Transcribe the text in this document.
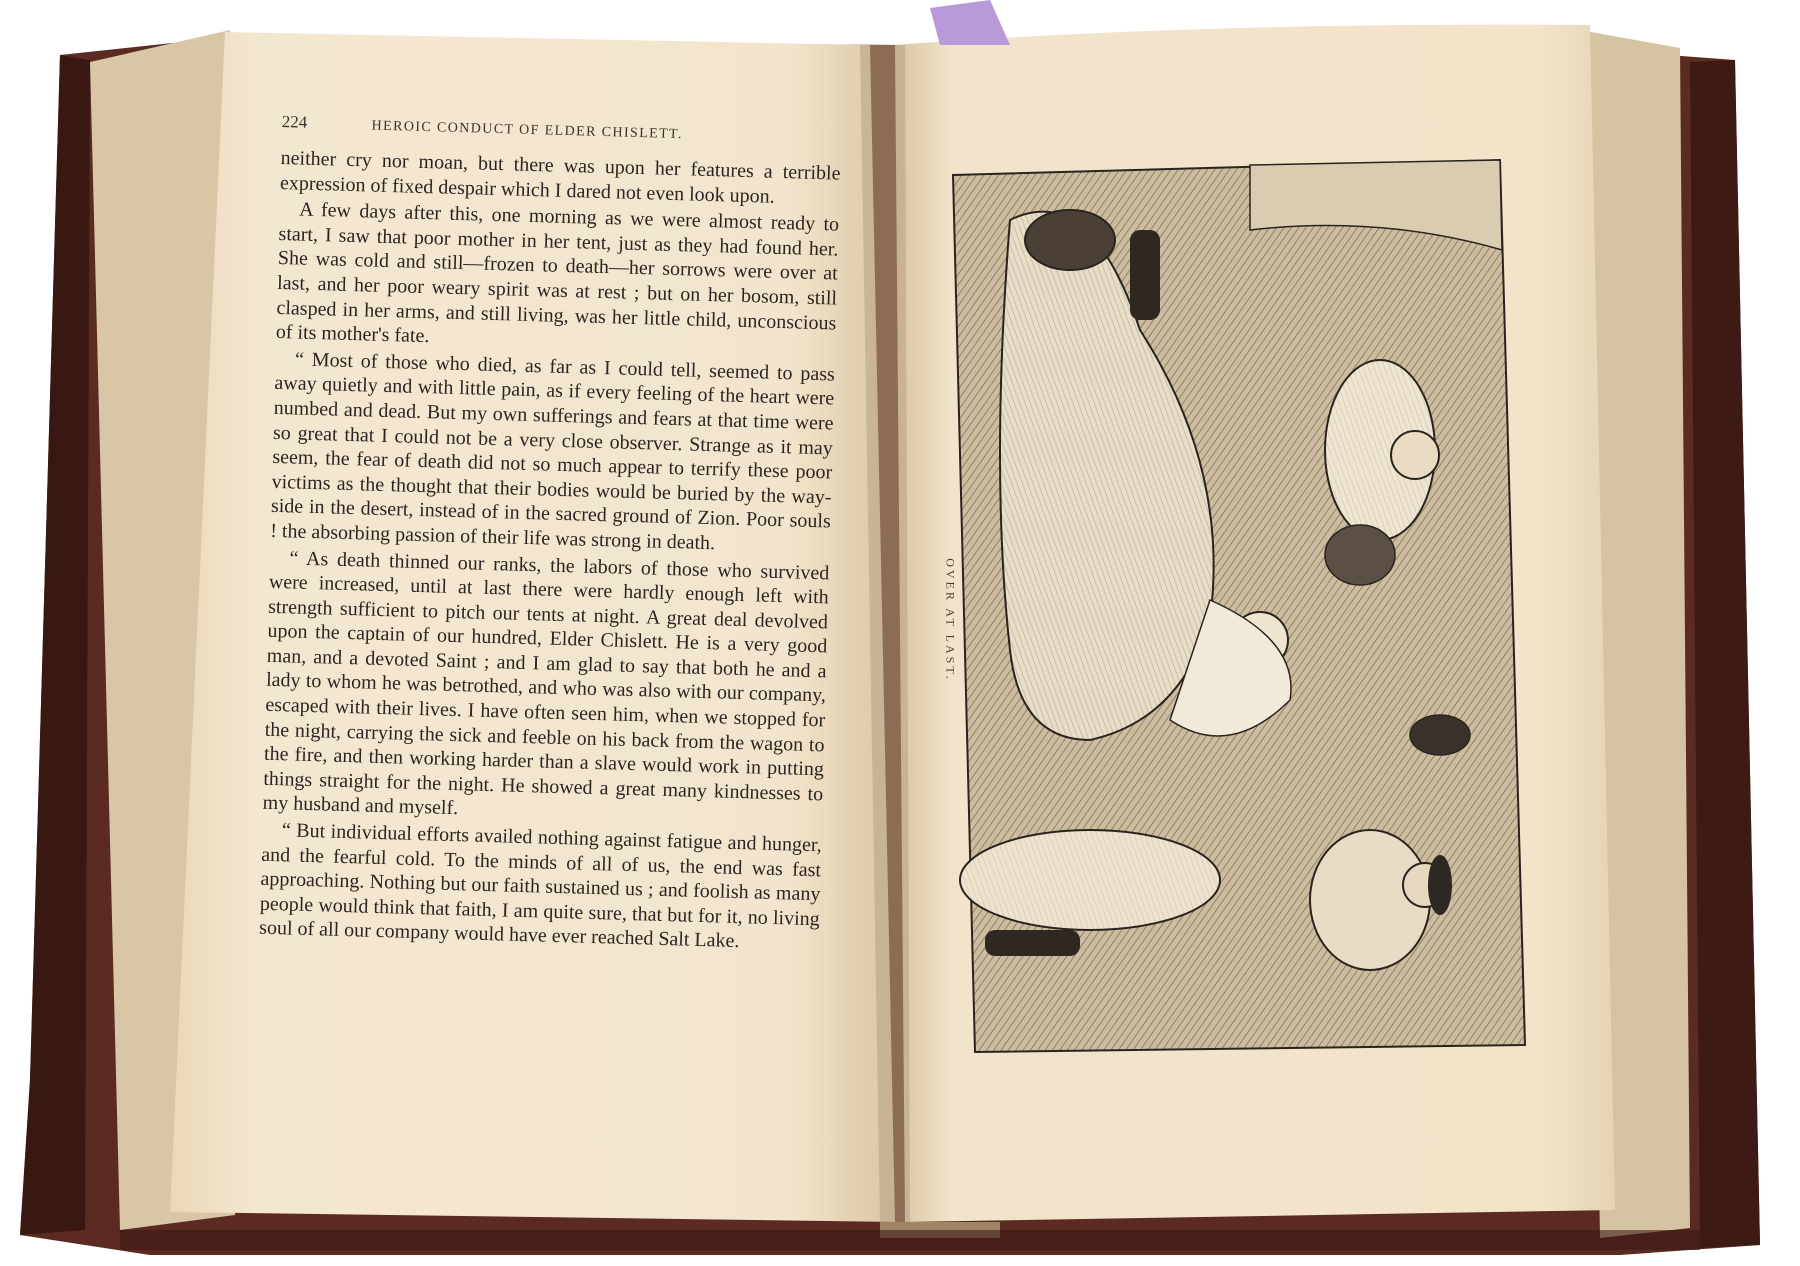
224	HEROIC CONDUCT OF ELDER CHISLETT.

neither cry nor moan, but there was upon her features a terrible expression of fixed despair which I dared not even look upon.

A few days after this, one morning as we were almost ready to start, I saw that poor mother in her tent, just as they had found her. She was cold and still—frozen to death—her sorrows were over at last, and her poor weary spirit was at rest ; but on her bosom, still clasped in her arms, and still living, was her little child, unconscious of its mother's fate.

“ Most of those who died, as far as I could tell, seemed to pass away quietly and with little pain, as if every feeling of the heart were numbed and dead. But my own sufferings and fears at that time were so great that I could not be a very close observer. Strange as it may seem, the fear of death did not so much appear to terrify these poor victims as the thought that their bodies would be buried by the way-side in the desert, instead of in the sacred ground of Zion. Poor souls ! the absorbing passion of their life was strong in death.

“ As death thinned our ranks, the labors of those who survived were increased, until at last there were hardly enough left with strength sufficient to pitch our tents at night. A great deal devolved upon the captain of our hundred, Elder Chislett. He is a very good man, and a devoted Saint ; and I am glad to say that both he and a lady to whom he was betrothed, and who was also with our company, escaped with their lives. I have often seen him, when we stopped for the night, carrying the sick and feeble on his back from the wagon to the fire, and then working harder than a slave would work in putting things straight for the night. He showed a great many kindnesses to my husband and myself.

“ But individual efforts availed nothing against fatigue and hunger, and the fearful cold. To the minds of all of us, the end was fast approaching. Nothing but our faith sustained us ; and foolish as many people would think that faith, I am quite sure, that but for it, no living soul of all our company would have ever reached Salt Lake.

OVER AT LAST.
